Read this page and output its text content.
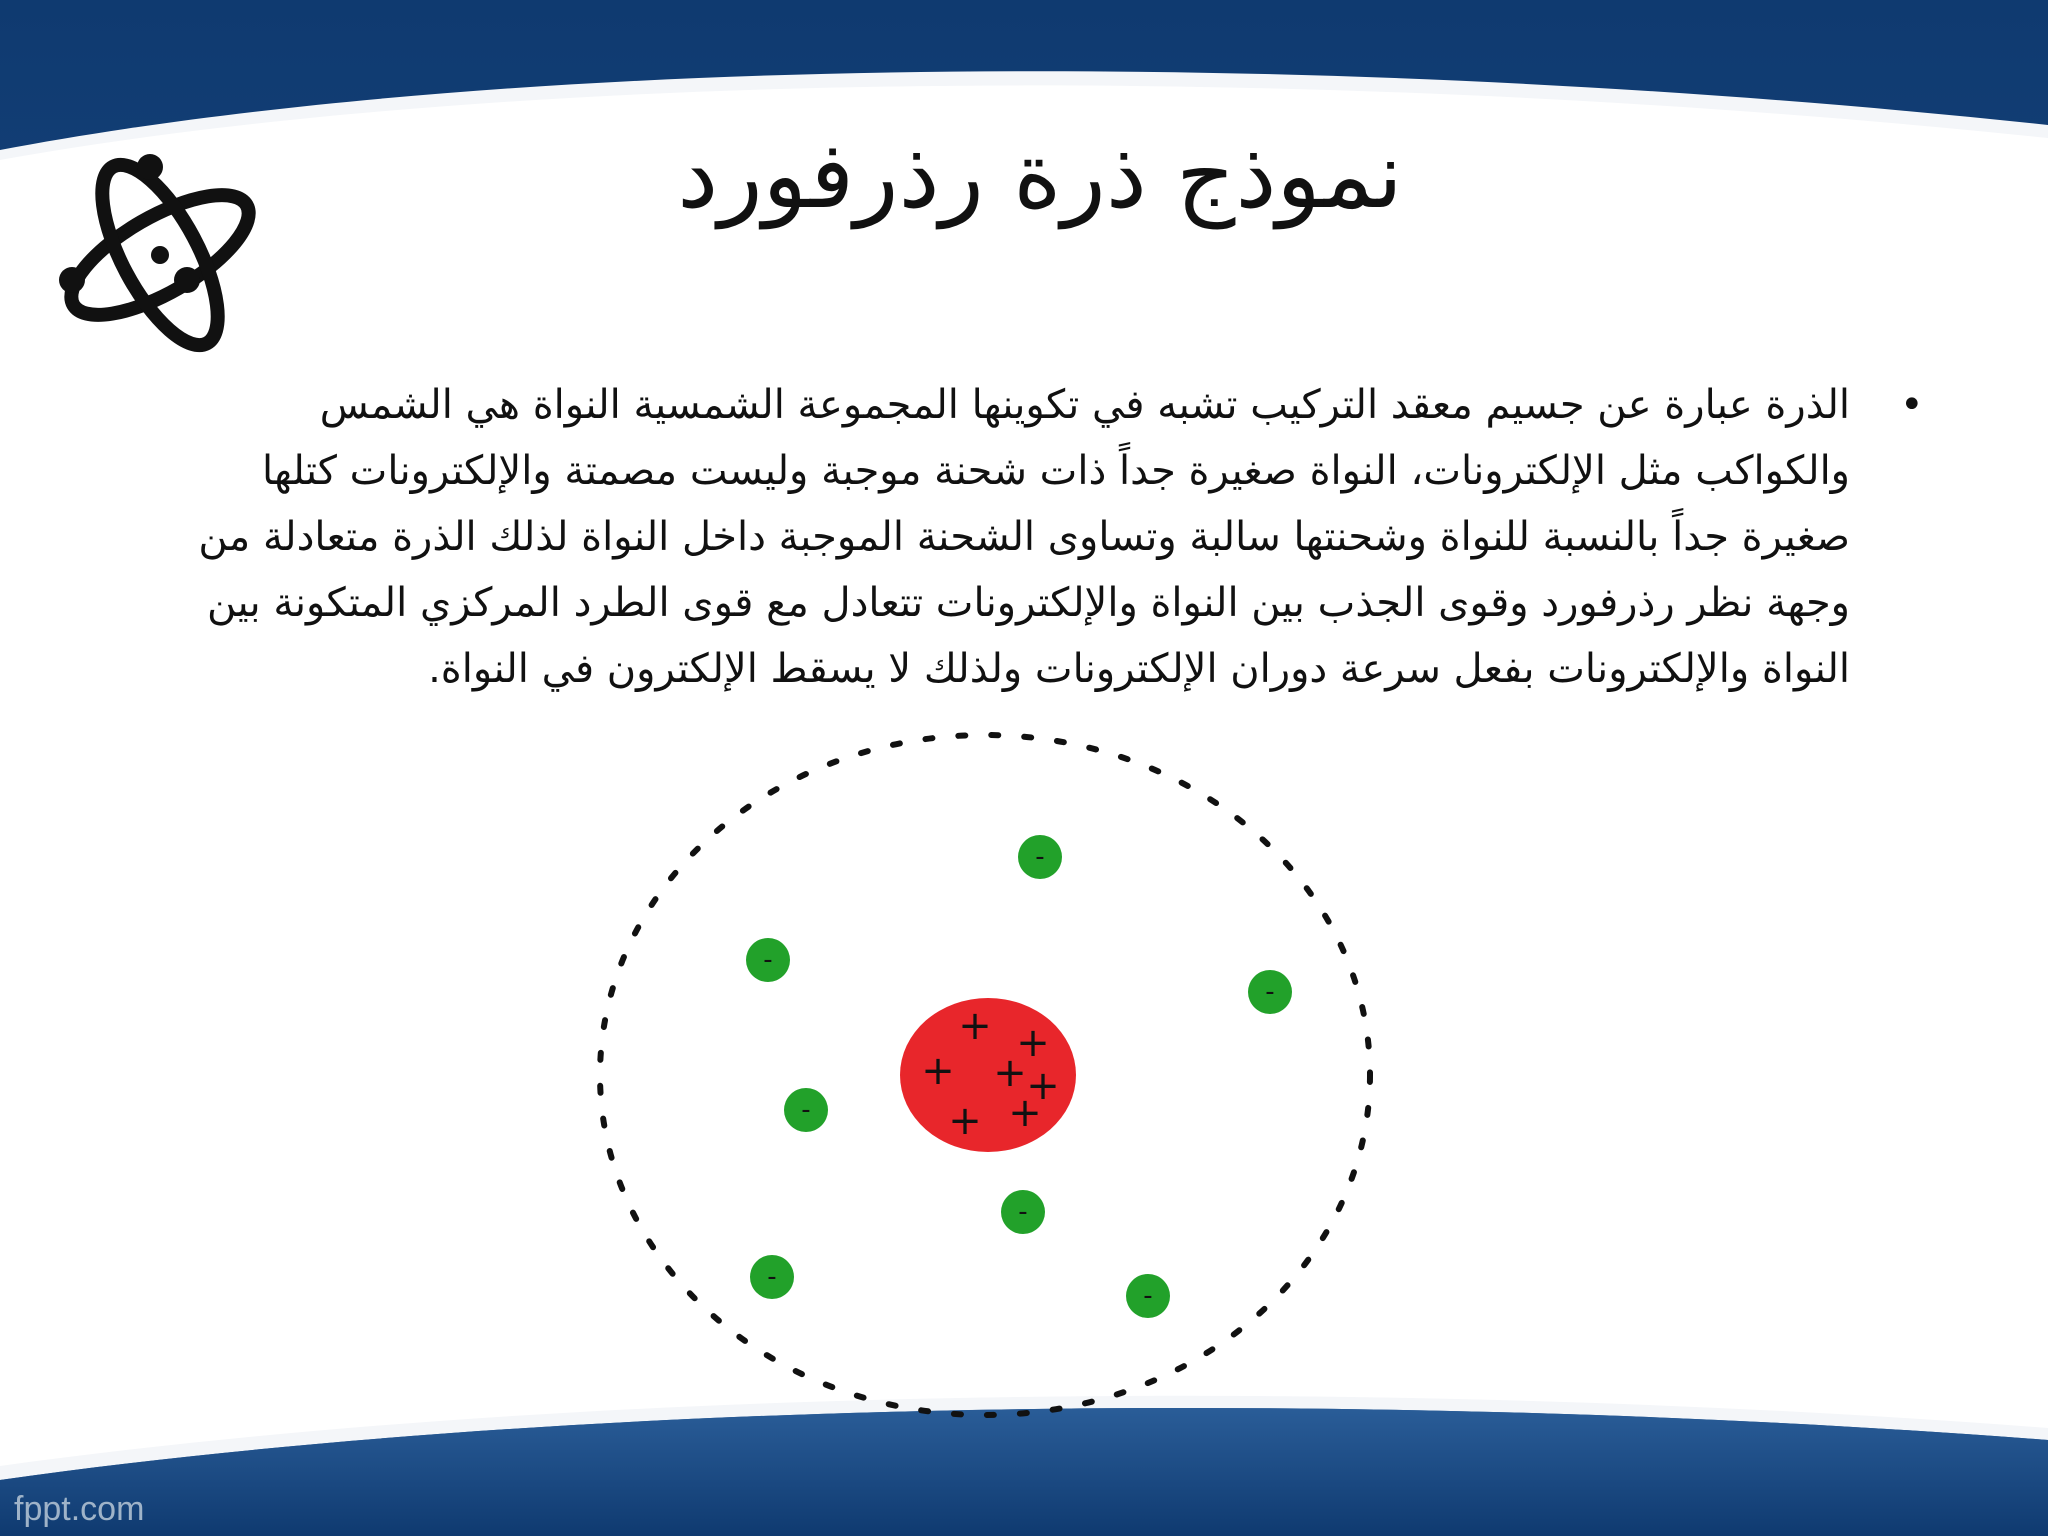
نموذج ذرة رذرفورد
•
الذرة عبارة عن جسيم معقد التركيب تشبه في تكوينها المجموعة الشمسية النواة هي الشمس والكواكب مثل الإلكترونات، النواة صغيرة جداً ذات شحنة موجبة وليست مصمتة والإلكترونات كتلها صغيرة جداً بالنسبة للنواة وشحنتها سالبة وتساوى الشحنة الموجبة داخل النواة لذلك الذرة متعادلة من وجهة نظر رذرفورد وقوى الجذب بين النواة والإلكترونات تتعادل مع قوى الطرد المركزي المتكونة بين النواة والإلكترونات بفعل سرعة دوران الإلكترونات ولذلك لا يسقط الإلكترون في النواة.
+ +
+ + +
+ +
-
-
-
-
-
-
-
fppt.com
